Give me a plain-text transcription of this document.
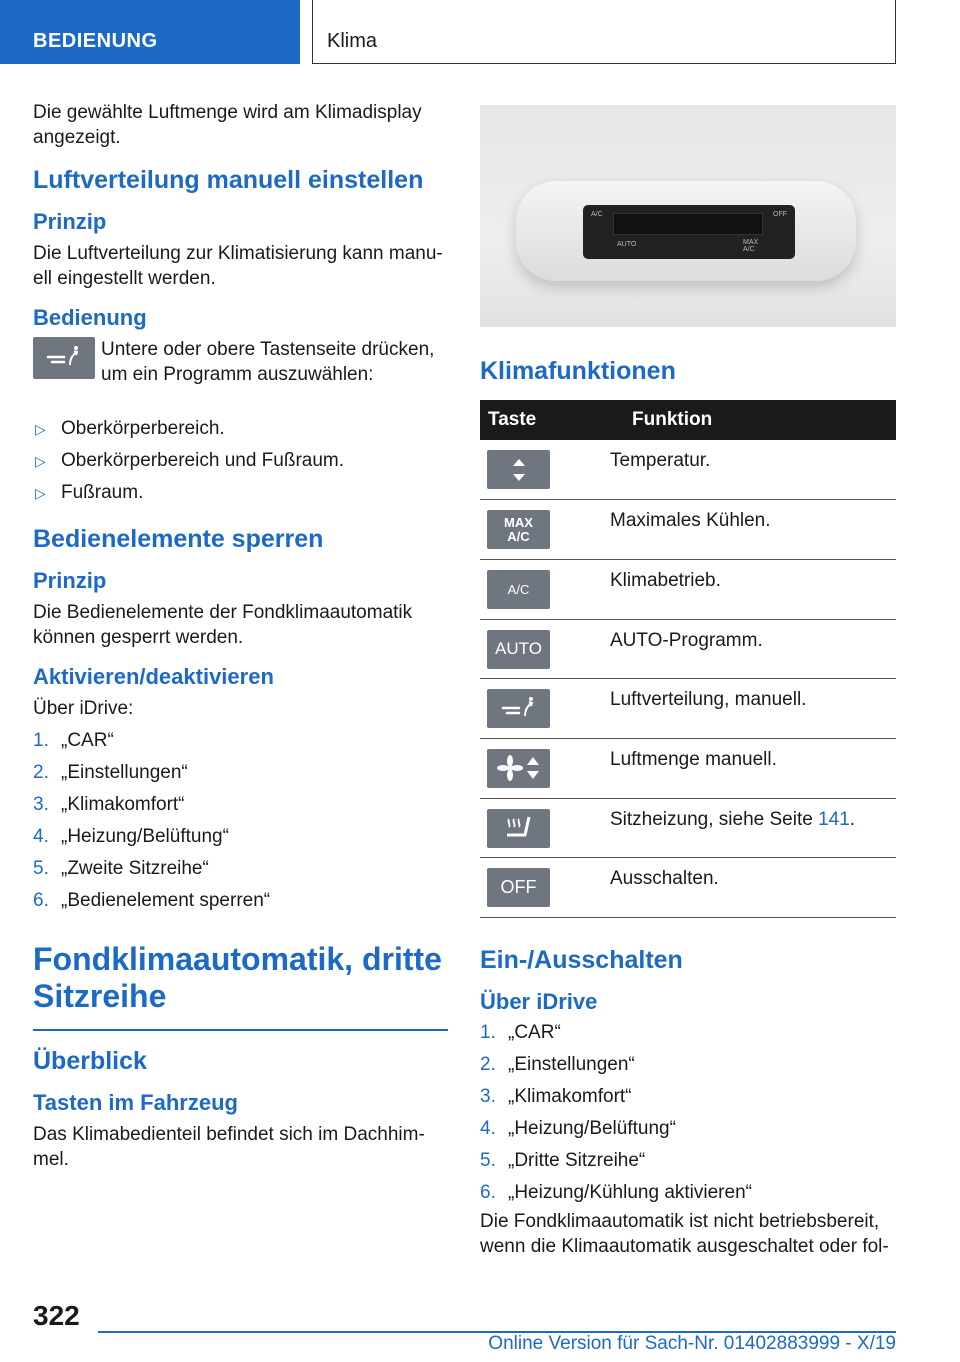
BEDIENUNG	Klima

Die gewählte Luftmenge wird am Klimadisplay angezeigt.

Luftverteilung manuell einstellen
Prinzip

Die Luftverteilung zur Klimatisierung kann manu- ell eingestellt werden.

Bedienung

Untere oder obere Tastenseite drücken, um ein Programm auszuwählen:

▷ Oberkörperbereich.
▷ Oberkörperbereich und Fußraum.
▷ Fußraum.
Bedienelemente sperren
Prinzip

Die Bedienelemente der Fondklimaautomatik können gesperrt werden.

Aktivieren/deaktivieren

Über iDrive:

1. „CAR“
2. „Einstellungen“
3. „Klimakomfort“
4. „Heizung/Belüftung“
5. „Zweite Sitzreihe“
6. „Bedienelement sperren“
Fondklimaautomatik, dritte Sitzreihe
Überblick
Tasten im Fahrzeug

Das Klimabedienteil befindet sich im Dachhim- mel.

A/C	OFF
AUTO	MAX A/C
Klimafunktionen
Taste	Funktion

	Temperatur.

MAX
A/C	Maximales Kühlen.

A/C	Klimabetrieb.

AUTO	AUTO-Programm.

	Luftverteilung, manuell.

	Luftmenge manuell.

	Sitzheizung, siehe Seite 141.

OFF	Ausschalten.
Ein-/Ausschalten
Über iDrive
1. „CAR“
2. „Einstellungen“
3. „Klimakomfort“
4. „Heizung/Belüftung“
5. „Dritte Sitzreihe“
6. „Heizung/Kühlung aktivieren“

Die Fondklimaautomatik ist nicht betriebsbereit, wenn die Klimaautomatik ausgeschaltet oder fol-

322
Online Version für Sach-Nr. 01402883999 - X/19
